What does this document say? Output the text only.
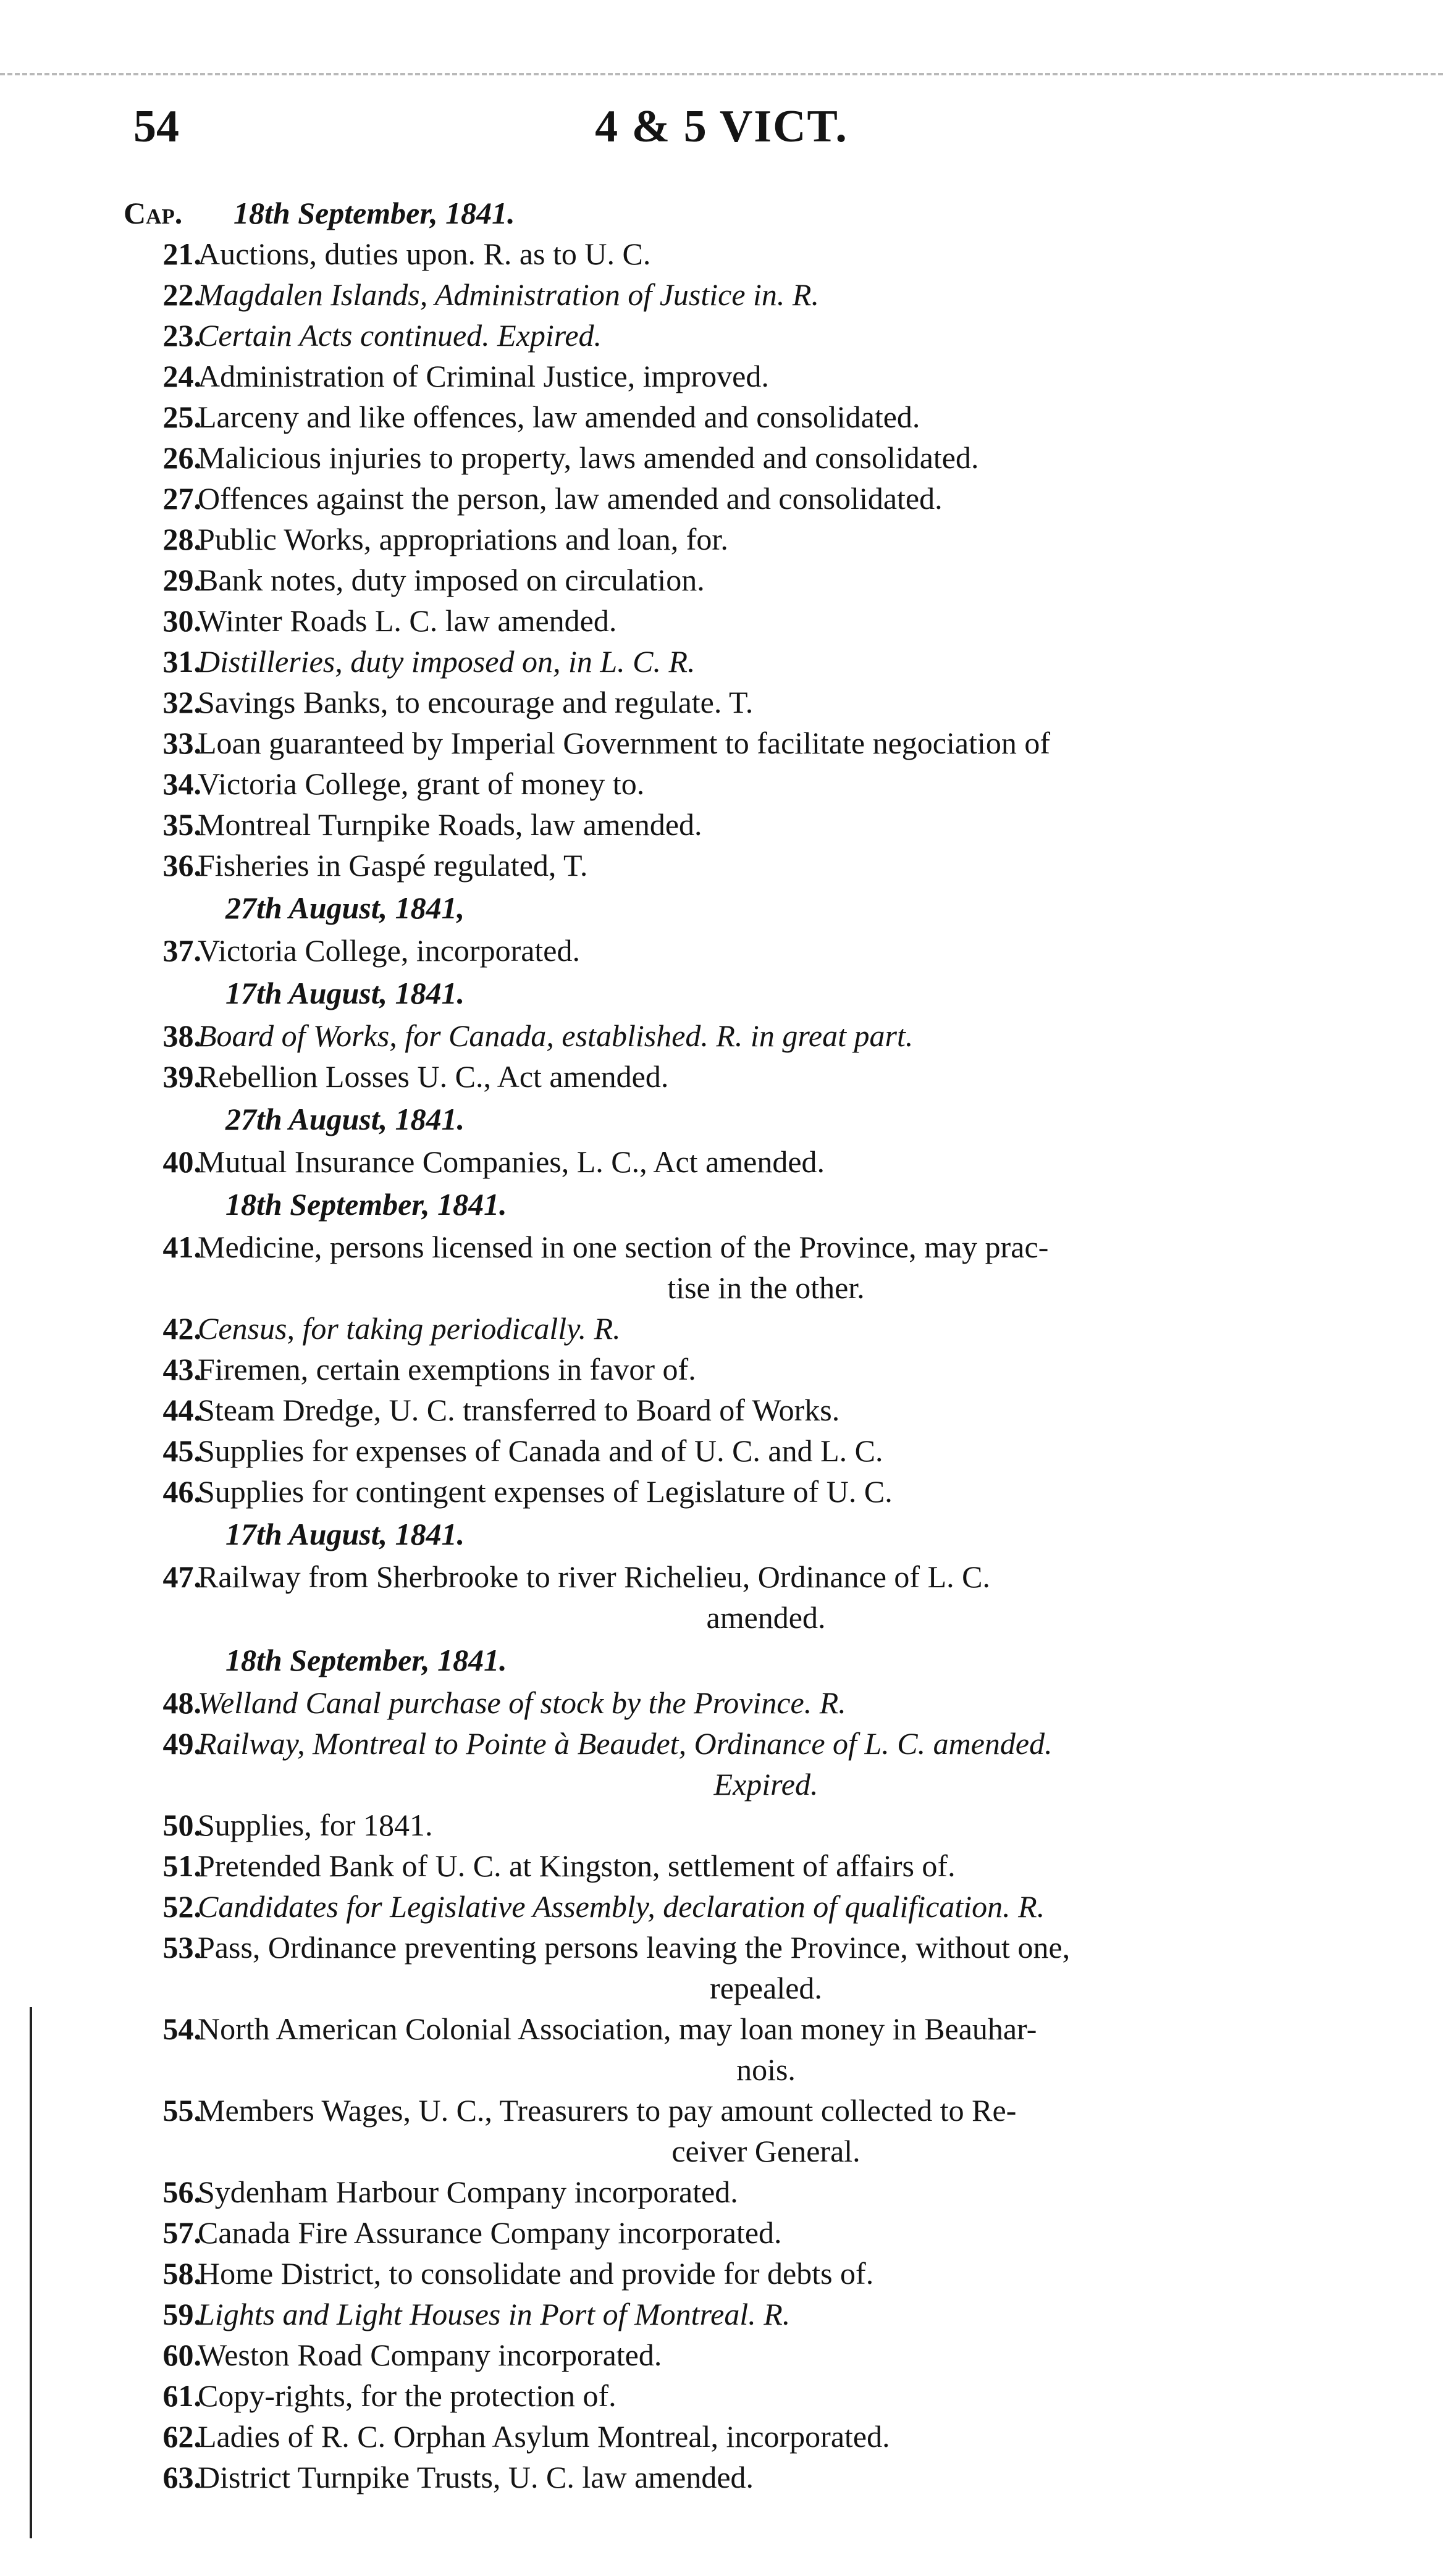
54	4 & 5 VICT.
Cap. 18th September, 1841.
21.
Auctions, duties upon. R. as to U. C.
22.
Magdalen Islands, Administration of Justice in. R.
23.
Certain Acts continued. Expired.
24.
Administration of Criminal Justice, improved.
25.
Larceny and like offences, law amended and consolidated.
26.
Malicious injuries to property, laws amended and consolidated.
27.
Offences against the person, law amended and consolidated.
28.
Public Works, appropriations and loan, for.
29.
Bank notes, duty imposed on circulation.
30.
Winter Roads L. C. law amended.
31.
Distilleries, duty imposed on, in L. C. R.
32.
Savings Banks, to encourage and regulate. T.
33.
Loan guaranteed by Imperial Government to facilitate negociation of
34.
Victoria College, grant of money to.
35.
Montreal Turnpike Roads, law amended.
36.
Fisheries in Gaspé regulated, T.
27th August, 1841,
37.
Victoria College, incorporated.
17th August, 1841.
38.
Board of Works, for Canada, established. R. in great part.
39.
Rebellion Losses U. C., Act amended.
27th August, 1841.
40.
Mutual Insurance Companies, L. C., Act amended.
18th September, 1841.
41.
Medicine, persons licensed in one section of the Province, may prac-
tise in the other.
42.
Census, for taking periodically. R.
43.
Firemen, certain exemptions in favor of.
44.
Steam Dredge, U. C. transferred to Board of Works.
45.
Supplies for expenses of Canada and of U. C. and L. C.
46.
Supplies for contingent expenses of Legislature of U. C.
17th August, 1841.
47.
Railway from Sherbrooke to river Richelieu, Ordinance of L. C.
amended.
18th September, 1841.
48.
Welland Canal purchase of stock by the Province. R.
49.
Railway, Montreal to Pointe à Beaudet, Ordinance of L. C. amended.
Expired.
50.
Supplies, for 1841.
51.
Pretended Bank of U. C. at Kingston, settlement of affairs of.
52.
Candidates for Legislative Assembly, declaration of qualification. R.
53.
Pass, Ordinance preventing persons leaving the Province, without one,
repealed.
54.
North American Colonial Association, may loan money in Beauhar-
nois.
55.
Members Wages, U. C., Treasurers to pay amount collected to Re-
ceiver General.
56.
Sydenham Harbour Company incorporated.
57.
Canada Fire Assurance Company incorporated.
58.
Home District, to consolidate and provide for debts of.
59.
Lights and Light Houses in Port of Montreal. R.
60.
Weston Road Company incorporated.
61.
Copy-rights, for the protection of.
62.
Ladies of R. C. Orphan Asylum Montreal, incorporated.
63.
District Turnpike Trusts, U. C. law amended.
